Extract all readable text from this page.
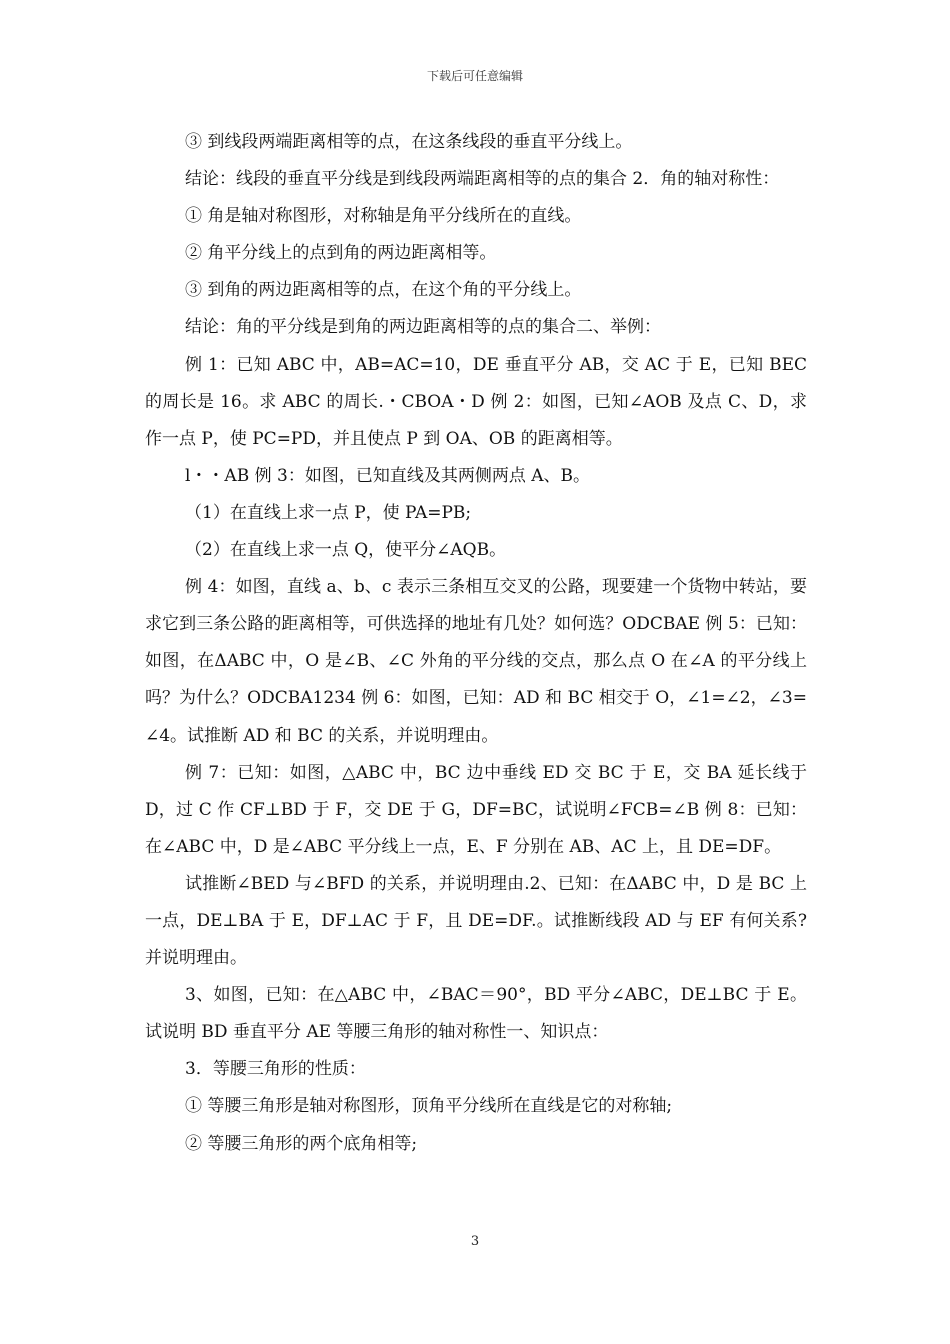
下载后可任意编辑

③ 到线段两端距离相等的点，在这条线段的垂直平分线上。

结论：线段的垂直平分线是到线段两端距离相等的点的集合 2．角的轴对称性：

① 角是轴对称图形，对称轴是角平分线所在的直线。

② 角平分线上的点到角的两边距离相等。

③ 到角的两边距离相等的点，在这个角的平分线上。

结论：角的平分线是到角的两边距离相等的点的集合二、举例：

例 1：已知 ABC 中，AB=AC=10，DE 垂直平分 AB，交 AC 于 E，已知 BEC 的周长是 16。求 ABC 的周长.・CBOA・D 例 2：如图，已知∠AOB 及点 C、D，求作一点 P，使 PC=PD，并且使点 P 到 OA、OB 的距离相等。

l・・AB 例 3：如图，已知直线及其两侧两点 A、B。

（1）在直线上求一点 P，使 PA=PB;

（2）在直线上求一点 Q，使平分∠AQB。

例 4：如图，直线 a、b、c 表示三条相互交叉的公路，现要建一个货物中转站，要求它到三条公路的距离相等，可供选择的地址有几处？如何选？ODCBAE 例 5：已知：如图，在ΔABC 中，O 是∠B、∠C 外角的平分线的交点，那么点 O 在∠A 的平分线上吗？为什么？ODCBA1234 例 6：如图，已知：AD 和 BC 相交于 O，∠1=∠2，∠3=∠4。试推断 AD 和 BC 的关系，并说明理由。

例 7：已知：如图，△ABC 中，BC 边中垂线 ED 交 BC 于 E，交 BA 延长线于 D，过 C 作 CF⊥BD 于 F，交 DE 于 G，DF=BC，试说明∠FCB=∠B 例 8：已知：在∠ABC 中，D 是∠ABC 平分线上一点，E、F 分别在 AB、AC 上，且 DE=DF。

试推断∠BED 与∠BFD 的关系，并说明理由.2、已知：在ΔABC 中，D 是 BC 上一点，DE⊥BA 于 E，DF⊥AC 于 F，且 DE=DF.。试推断线段 AD 与 EF 有何关系?并说明理由。

3、如图，已知：在△ABC 中，∠BAC＝90°，BD 平分∠ABC，DE⊥BC 于 E。试说明 BD 垂直平分 AE 等腰三角形的轴对称性一、知识点：

3．等腰三角形的性质：

① 等腰三角形是轴对称图形，顶角平分线所在直线是它的对称轴;

② 等腰三角形的两个底角相等;

3
